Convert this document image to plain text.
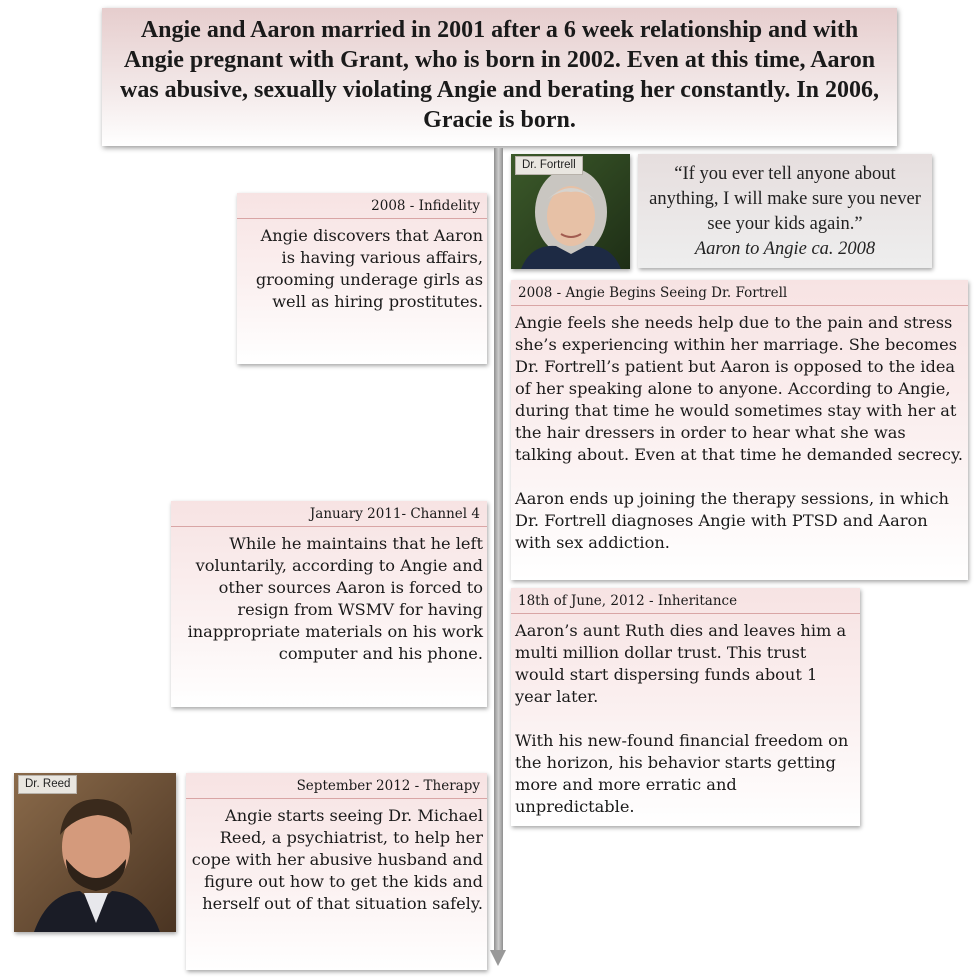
Angie and Aaron married in 2001 after a 6 week relationship and with Angie pregnant with Grant, who is born in 2002. Even at this time, Aaron was abusive, sexually violating Angie and berating her constantly. In 2006, Gracie is born.
Dr. Fortrell	“If you ever tell anyone about anything, I will make sure you never see your kids again.”
Aaron to Angie ca. 2008
2008 - Infidelity
Angie discovers that Aaron is having various affairs, grooming underage girls as well as hiring prostitutes.	2008 - Angie Begins Seeing Dr. Fortrell
Angie feels she needs help due to the pain and stress she’s experiencing within her marriage. She becomes Dr. Fortrell’s patient but Aaron is opposed to the idea of her speaking alone to anyone. According to Angie, during that time he would sometimes stay with her at the hair dressers in order to hear what she was talking about. Even at that time he demanded secrecy.
Aaron ends up joining the therapy sessions, in which Dr. Fortrell diagnoses Angie with PTSD and Aaron with sex addiction.
January 2011- Channel 4
While he maintains that he left voluntarily, according to Angie and other sources Aaron is forced to resign from WSMV for having inappropriate materials on his work computer and his phone.
18th of June, 2012 - Inheritance
Aaron’s aunt Ruth dies and leaves him a multi million dollar trust. This trust would start dispersing funds about 1 year later.
With his new-found financial freedom on the horizon, his behavior starts getting more and more erratic and unpredictable.
Dr. Reed	September 2012 - Therapy
Angie starts seeing Dr. Michael Reed, a psychiatrist, to help her cope with her abusive husband and figure out how to get the kids and herself out of that situation safely.
